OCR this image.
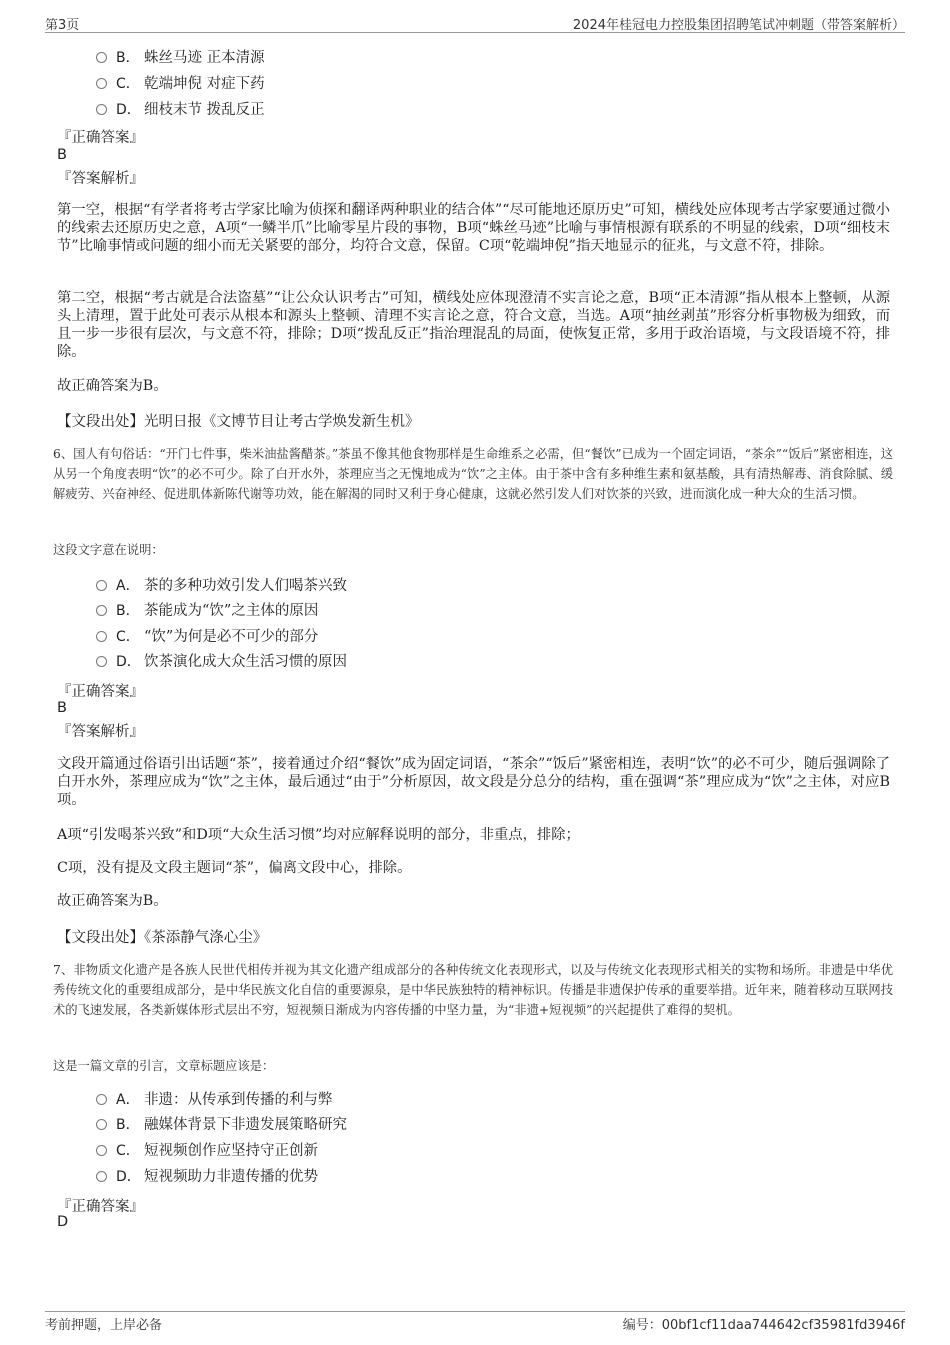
第3页	2024年桂冠电力控股集团招聘笔试冲刺题（带答案解析）
B． 蛛丝马迹 正本清源
C． 乾端坤倪 对症下药
D． 细枝末节 拨乱反正
『正确答案』
B
『答案解析』
第一空，根据“有学者将考古学家比喻为侦探和翻译两种职业的结合体”“尽可能地还原历史”可知，横线处应体现考古学家要通过微小的线索去还原历史之意，A项“一鳞半爪”比喻零星片段的事物，B项“蛛丝马迹”比喻与事情根源有联系的不明显的线索，D项“细枝末节”比喻事情或问题的细小而无关紧要的部分，均符合文意，保留。C项“乾端坤倪”指天地显示的征兆，与文意不符，排除。
第二空，根据“考古就是合法盗墓”“让公众认识考古”可知，横线处应体现澄清不实言论之意，B项“正本清源”指从根本上整顿，从源头上清理，置于此处可表示从根本和源头上整顿、清理不实言论之意，符合文意，当选。A项“抽丝剥茧”形容分析事物极为细致，而且一步一步很有层次，与文意不符，排除；D项“拨乱反正”指治理混乱的局面，使恢复正常，多用于政治语境，与文段语境不符，排除。
故正确答案为B。
【文段出处】光明日报《文博节目让考古学焕发新生机》
6、国人有句俗话：“开门七件事，柴米油盐酱醋茶。”茶虽不像其他食物那样是生命维系之必需，但“餐饮”已成为一个固定词语，“茶余”“饭后”紧密相连，这从另一个角度表明“饮”的必不可少。除了白开水外，茶理应当之无愧地成为“饮”之主体。由于茶中含有多种维生素和氨基酸，具有清热解毒、消食除腻、缓解疲劳、兴奋神经、促进肌体新陈代谢等功效，能在解渴的同时又利于身心健康，这就必然引发人们对饮茶的兴致，进而演化成一种大众的生活习惯。
这段文字意在说明：
A． 茶的多种功效引发人们喝茶兴致
B． 茶能成为“饮”之主体的原因
C． “饮”为何是必不可少的部分
D． 饮茶演化成大众生活习惯的原因
『正确答案』
B
『答案解析』
文段开篇通过俗语引出话题“茶”，接着通过介绍“餐饮”成为固定词语，“茶余”“饭后”紧密相连，表明“饮”的必不可少，随后强调除了白开水外，茶理应成为“饮”之主体，最后通过“由于”分析原因，故文段是分总分的结构，重在强调“茶”理应成为“饮”之主体，对应B项。
A项“引发喝茶兴致”和D项“大众生活习惯”均对应解释说明的部分，非重点，排除；
C项，没有提及文段主题词“茶”，偏离文段中心，排除。
故正确答案为B。
【文段出处】《茶添静气涤心尘》
7、非物质文化遗产是各族人民世代相传并视为其文化遗产组成部分的各种传统文化表现形式，以及与传统文化表现形式相关的实物和场所。非遗是中华优秀传统文化的重要组成部分，是中华民族文化自信的重要源泉，是中华民族独特的精神标识。传播是非遗保护传承的重要举措。近年来，随着移动互联网技术的飞速发展，各类新媒体形式层出不穷，短视频日渐成为内容传播的中坚力量，为“非遗+短视频”的兴起提供了难得的契机。
这是一篇文章的引言，文章标题应该是：
A． 非遗：从传承到传播的利与弊
B． 融媒体背景下非遗发展策略研究
C． 短视频创作应坚持守正创新
D． 短视频助力非遗传播的优势
『正确答案』
D
考前押题，上岸必备	编号：00bf1cf11daa744642cf35981fd3946f
